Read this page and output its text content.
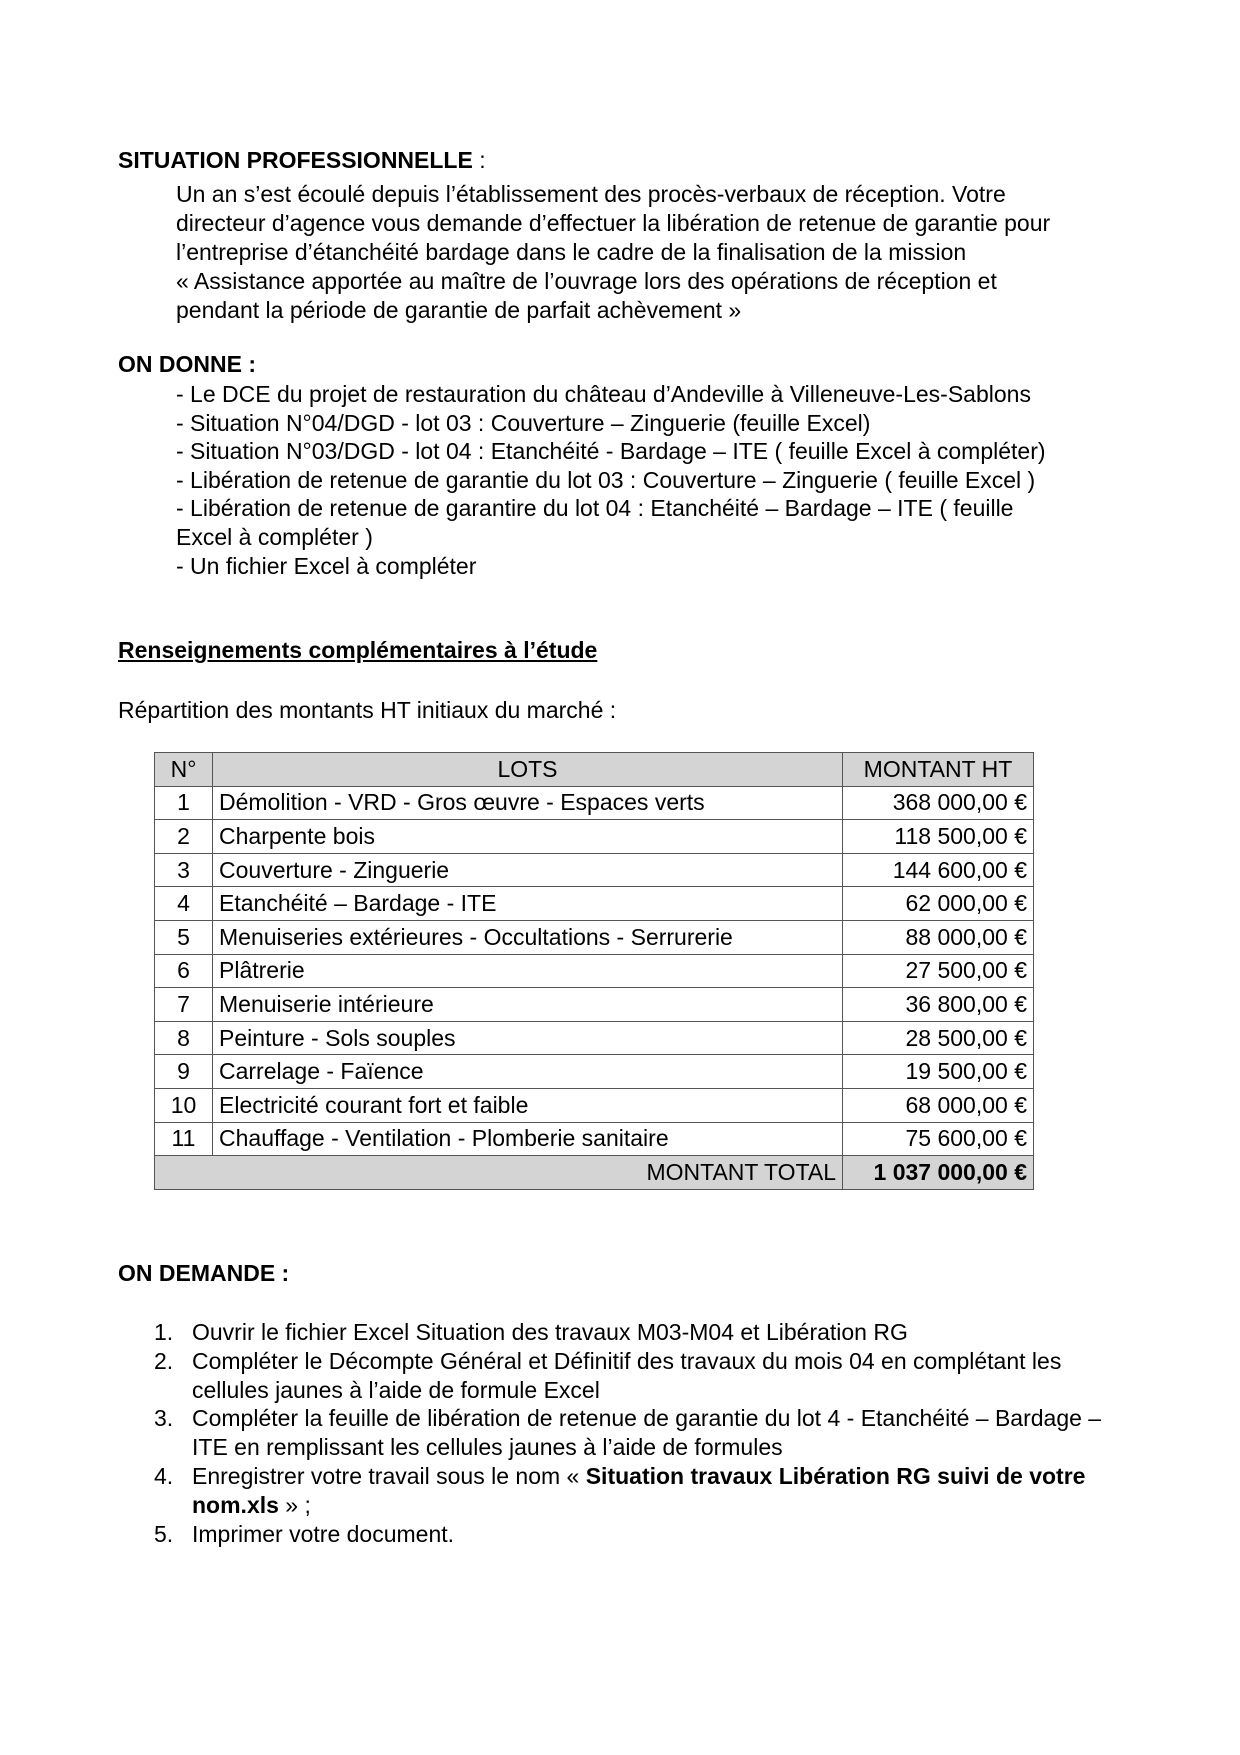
SITUATION PROFESSIONNELLE :
Un an s’est écoulé depuis l’établissement des procès-verbaux de réception. Votre
directeur d’agence vous demande d’effectuer la libération de retenue de garantie pour
l’entreprise d’étanchéité bardage dans le cadre de la finalisation de la mission
« Assistance apportée au maître de l’ouvrage lors des opérations de réception et
pendant la période de garantie de parfait achèvement »
ON DONNE :
- Le DCE du projet de restauration du château d’Andeville à Villeneuve-Les-Sablons
- Situation N°04/DGD - lot 03 : Couverture – Zinguerie (feuille Excel)
- Situation N°03/DGD - lot 04 : Etanchéité - Bardage – ITE ( feuille Excel à compléter)
- Libération de retenue de garantie du lot 03 : Couverture – Zinguerie ( feuille Excel )
- Libération de retenue de garantire du lot 04 : Etanchéité – Bardage – ITE ( feuille
Excel à compléter )
- Un fichier Excel à compléter
Renseignements complémentaires à l’étude
Répartition des montants HT initiaux du marché :
N°	LOTS	MONTANT HT
1	Démolition - VRD - Gros œuvre - Espaces verts	368 000,00 €
2	Charpente bois	118 500,00 €
3	Couverture - Zinguerie	144 600,00 €
4	Etanchéité – Bardage - ITE	62 000,00 €
5	Menuiseries extérieures - Occultations - Serrurerie	88 000,00 €
6	Plâtrerie	27 500,00 €
7	Menuiserie intérieure	36 800,00 €
8	Peinture - Sols souples	28 500,00 €
9	Carrelage - Faïence	19 500,00 €
10	Electricité courant fort et faible	68 000,00 €
11	Chauffage - Ventilation - Plomberie sanitaire	75 600,00 €
MONTANT TOTAL		1 037 000,00 €
ON DEMANDE :
1. Ouvrir le fichier Excel Situation des travaux M03-M04 et Libération RG
2. Compléter le Décompte Général et Définitif des travaux du mois 04 en complétant les cellules jaunes à l’aide de formule Excel
3. Compléter la feuille de libération de retenue de garantie du lot 4 - Etanchéité – Bardage – ITE en remplissant les cellules jaunes à l’aide de formules
4. Enregistrer votre travail sous le nom « Situation travaux Libération RG suivi de votre nom.xls » ;
5. Imprimer votre document.
